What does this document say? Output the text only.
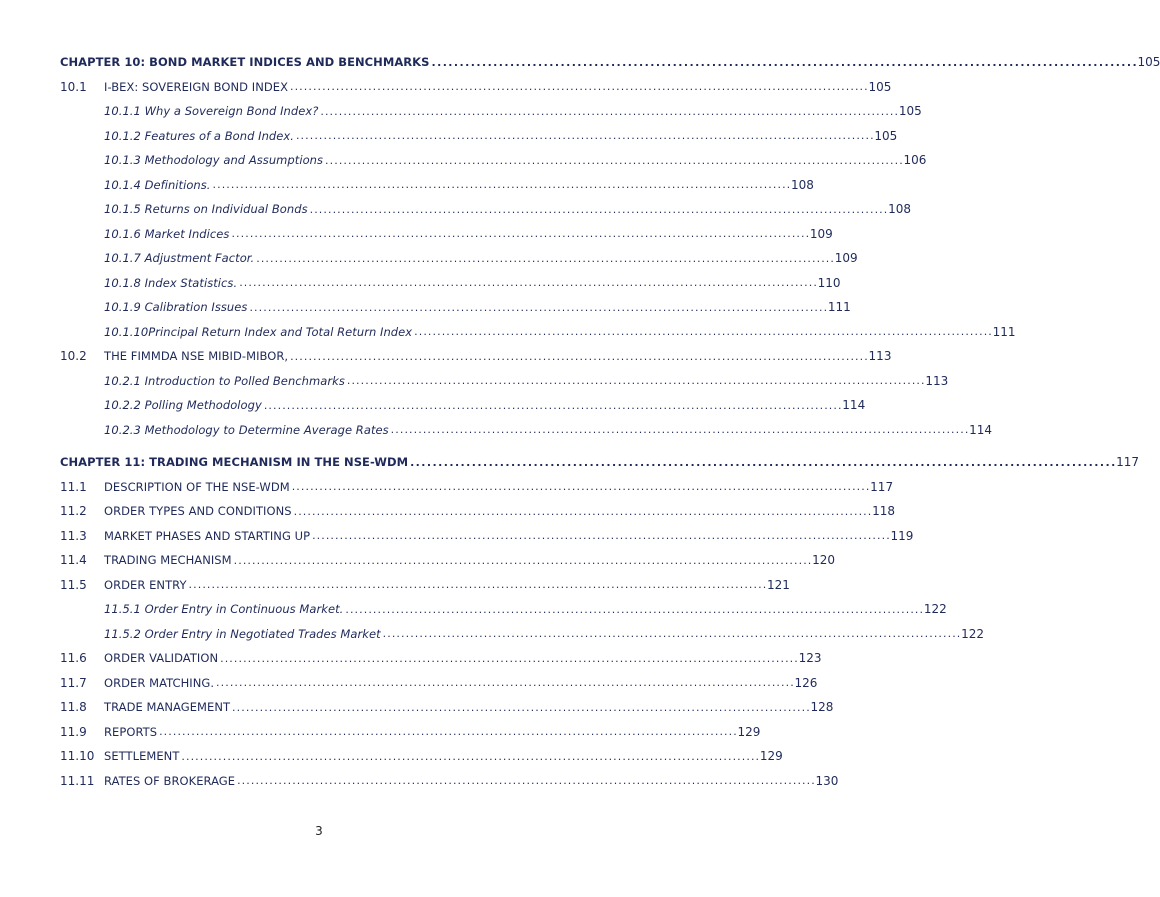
CHAPTER 10: BOND MARKET INDICES AND BENCHMARKS . . .	105
10.1	I-BEX: SOVEREIGN BOND INDEX . . .	105
10.1.1 Why a Sovereign Bond Index? . . .	105
10.1.2 Features of a Bond Index. . . .	105
10.1.3 Methodology and Assumptions . . .	106
10.1.4 Definitions. . . .	108
10.1.5 Returns on Individual Bonds . . .	108
10.1.6 Market Indices . . .	109
10.1.7 Adjustment Factor. . . .	109
10.1.8 Index Statistics. . . .	110
10.1.9 Calibration Issues . . .	111
10.1.10Principal Return Index and Total Return Index . . .	111
10.2	THE FIMMDA NSE MIBID-MIBOR, . . .	113
10.2.1 Introduction to Polled Benchmarks . . .	113
10.2.2 Polling Methodology . . .	114
10.2.3 Methodology to Determine Average Rates . . .	114
CHAPTER 11: TRADING MECHANISM IN THE NSE-WDM . . .	117
11.1	DESCRIPTION OF THE NSE-WDM . . .	117
11.2	ORDER TYPES AND CONDITIONS . . .	118
11.3	MARKET PHASES AND STARTING UP . . .	119
11.4	TRADING MECHANISM . . .	120
11.5	ORDER ENTRY . . .	121
11.5.1 Order Entry in Continuous Market. . . .	122
11.5.2 Order Entry in Negotiated Trades Market . . .	122
11.6	ORDER VALIDATION . . .	123
11.7	ORDER MATCHING. . . .	126
11.8	TRADE MANAGEMENT . . .	128
11.9	REPORTS . . .	129
11.10 SETTLEMENT . . .	129
11.11 RATES OF BROKERAGE . . .	130
3
